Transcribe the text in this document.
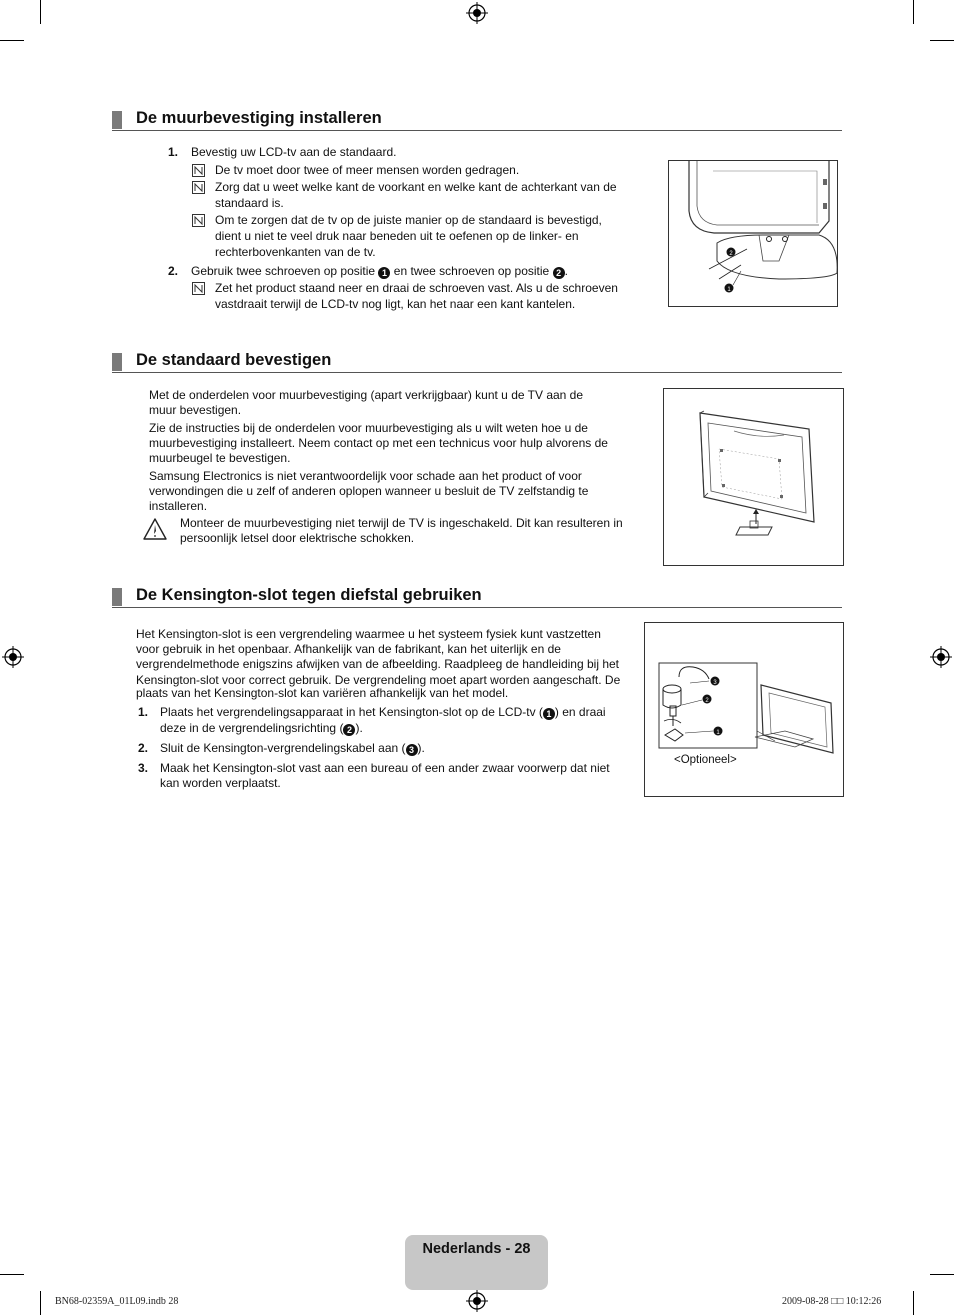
De muurbevestiging installeren
1. Bevestig uw LCD-tv aan de standaard.
De tv moet door twee of meer mensen worden gedragen.
Zorg dat u weet welke kant de voorkant en welke kant de achterkant van de
standaard is.
Om te zorgen dat de tv op de juiste manier op de standaard is bevestigd,
dient u niet te veel druk naar beneden uit te oefenen op de linker- en
rechterbovenkanten van de tv.
2. Gebruik twee schroeven op positie 1 en twee schroeven op positie 2 .
Zet het product staand neer en draai de schroeven vast. Als u de schroeven
vastdraait terwijl de LCD-tv nog ligt, kan het naar een kant kantelen.
2
1
De standaard bevestigen
Met de onderdelen voor muurbevestiging (apart verkrijgbaar) kunt u de TV aan de
muur bevestigen.
Zie de instructies bij de onderdelen voor muurbevestiging als u wilt weten hoe u de
muurbevestiging installeert. Neem contact op met een technicus voor hulp alvorens de
muurbeugel te bevestigen.
Samsung Electronics is niet verantwoordelijk voor schade aan het product of voor
verwondingen die u zelf of anderen oplopen wanneer u besluit de TV zelfstandig te
installeren.
Monteer de muurbevestiging niet terwijl de TV is ingeschakeld. Dit kan resulteren in
persoonlijk letsel door elektrische schokken.
De Kensington-slot tegen diefstal gebruiken
Het Kensington-slot is een vergrendeling waarmee u het systeem fysiek kunt vastzetten
voor gebruik in het openbaar. Afhankelijk van de fabrikant, kan het uiterlijk en de
vergrendelmethode enigszins afwijken van de afbeelding. Raadpleeg de handleiding bij het
Kensington-slot voor correct gebruik. De vergrendeling moet apart worden aangeschaft. De
plaats van het Kensington-slot kan variëren afhankelijk van het model.
1. Plaats het vergrendelingsapparaat in het Kensington-slot op de LCD-tv ( 1 ) en draai
deze in de vergrendelingsrichting ( 2 ).
2. Sluit de Kensington-vergrendelingskabel aan ( 3 ).
3. Maak het Kensington-slot vast aan een bureau of een ander zwaar voorwerp dat niet
kan worden verplaatst.
3
2
1
<Optioneel>
Nederlands - 28
BN68-02359A_01L09.indb 28	2009-08-28 □□ 10:12:26
